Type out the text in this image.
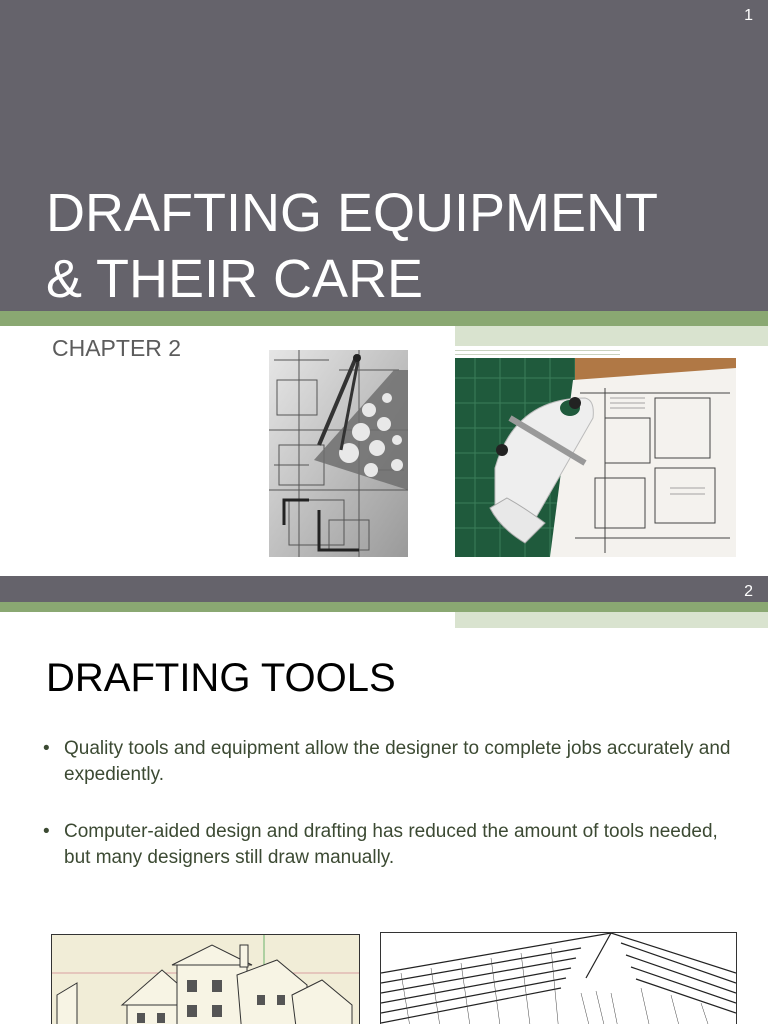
1
DRAFTING EQUIPMENT
& THEIR CARE
CHAPTER 2
2
DRAFTING TOOLS
• Quality tools and equipment allow the designer to complete jobs accurately and expediently.
• Computer-aided design and drafting has reduced the amount of tools needed, but many designers still draw manually.
